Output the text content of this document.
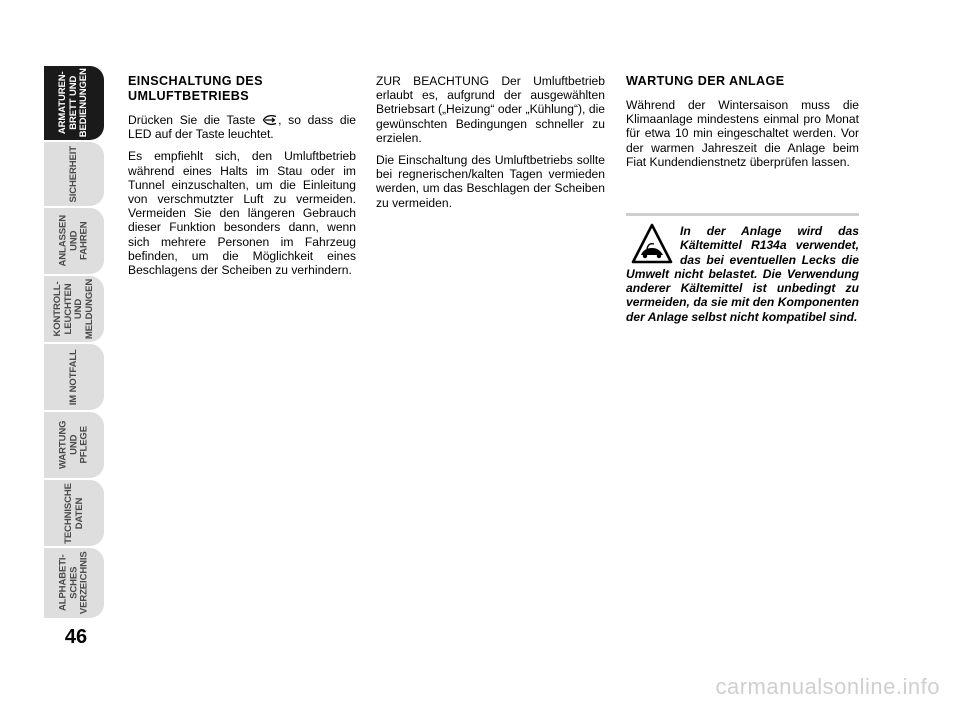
ARMATUREN-
BRETT UND
BEDIENUNGEN
SICHERHEIT
ANLASSEN
UND FAHREN
KONTROLL-
LEUCHTEN UND
MELDUNGEN
IM NOTFALL
WARTUNG
UND PFLEGE
TECHNISCHE
DATEN
ALPHABETI-
SCHES
VERZEICHNIS
46
EINSCHALTUNG DES UMLUFTBETRIEBS

Drücken Sie die Taste , so dass die LED auf der Taste leuchtet.

Es empfiehlt sich, den Umluftbetrieb während eines Halts im Stau oder im Tunnel einzuschalten, um die Einleitung von verschmutzter Luft zu vermeiden. Vermeiden Sie den längeren Gebrauch dieser Funktion besonders dann, wenn sich mehrere Personen im Fahrzeug befinden, um die Möglichkeit eines Beschlagens der Scheiben zu verhindern.

ZUR BEACHTUNG Der Umluftbetrieb erlaubt es, aufgrund der ausgewählten Betriebsart („Heizung“ oder „Kühlung“), die gewünschten Bedingungen schneller zu erzielen.

Die Einschaltung des Umluftbetriebs sollte bei regnerischen/kalten Tagen vermieden werden, um das Beschlagen der Scheiben zu vermeiden.

WARTUNG DER ANLAGE

Während der Wintersaison muss die Klimaanlage mindestens einmal pro Monat für etwa 10 min eingeschaltet werden. Vor der warmen Jahreszeit die Anlage beim Fiat Kundendienstnetz überprüfen lassen.

In der Anlage wird das Kältemittel R134a verwendet, das bei eventuellen Lecks die Umwelt nicht belastet. Die Verwendung anderer Kältemittel ist unbedingt zu vermeiden, da sie mit den Komponenten der Anlage selbst nicht kompatibel sind.

carmanualsonline.info
